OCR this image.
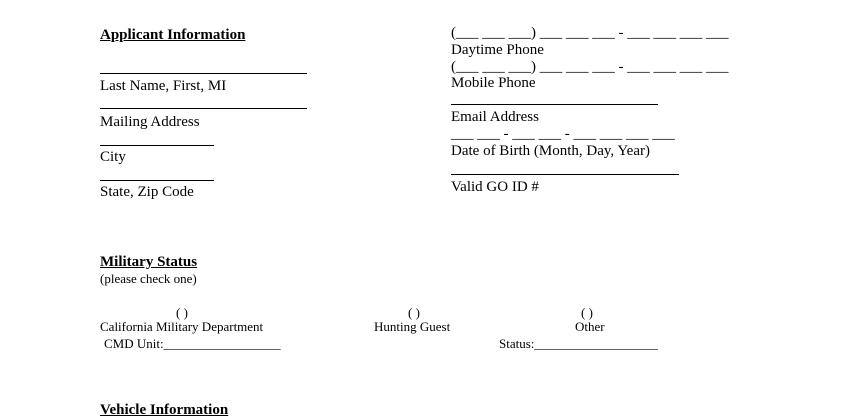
Applicant Information
Last Name, First, MI
Mailing Address
City
State, Zip Code
(___ ___ ___) ___ ___ ___ - ___ ___ ___ ___
Daytime Phone
(___ ___ ___) ___ ___ ___ - ___ ___ ___ ___
Mobile Phone
Email Address
___ ___ - ___ ___ - ___ ___ ___ ___
Date of Birth (Month, Day, Year)
Valid GO ID #
Military Status
(please check one)
( )
California Military Department
CMD Unit:__________________
( )
Hunting Guest
( )
Other
Status:___________________
Vehicle Information
